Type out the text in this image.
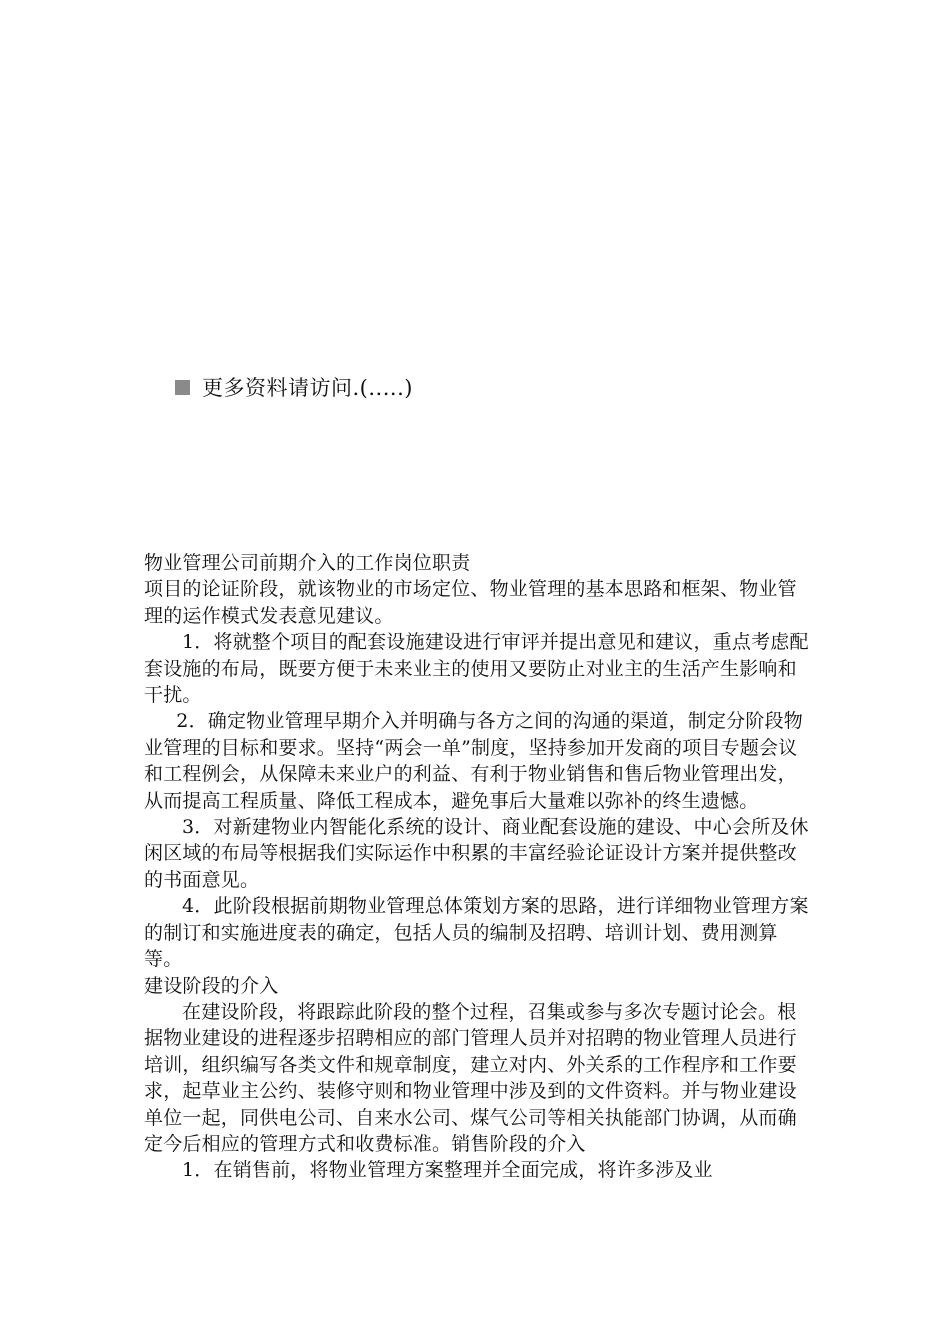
更多资料请访问.(.....)

物业管理公司前期介入的工作岗位职责

项目的论证阶段，就该物业的市场定位、物业管理的基本思路和框架、物业管理的运作模式发表意见建议。

1．将就整个项目的配套设施建设进行审评并提出意见和建议，重点考虑配套设施的布局，既要方便于未来业主的使用又要防止对业主的生活产生影响和干扰。

2．确定物业管理早期介入并明确与各方之间的沟通的渠道，制定分阶段物业管理的目标和要求。坚持“两会一单”制度，坚持参加开发商的项目专题会议和工程例会，从保障未来业户的利益、有利于物业销售和售后物业管理出发，从而提高工程质量、降低工程成本，避免事后大量难以弥补的终生遗憾。

3．对新建物业内智能化系统的设计、商业配套设施的建设、中心会所及休闲区域的布局等根据我们实际运作中积累的丰富经验论证设计方案并提供整改的书面意见。

4．此阶段根据前期物业管理总体策划方案的思路，进行详细物业管理方案的制订和实施进度表的确定，包括人员的编制及招聘、培训计划、费用测算等。

建设阶段的介入

在建设阶段，将跟踪此阶段的整个过程，召集或参与多次专题讨论会。根据物业建设的进程逐步招聘相应的部门管理人员并对招聘的物业管理人员进行培训，组织编写各类文件和规章制度，建立对内、外关系的工作程序和工作要求，起草业主公约、装修守则和物业管理中涉及到的文件资料。并与物业建设单位一起，同供电公司、自来水公司、煤气公司等相关执能部门协调，从而确定今后相应的管理方式和收费标准。销售阶段的介入

1．在销售前，将物业管理方案整理并全面完成，将许多涉及业
